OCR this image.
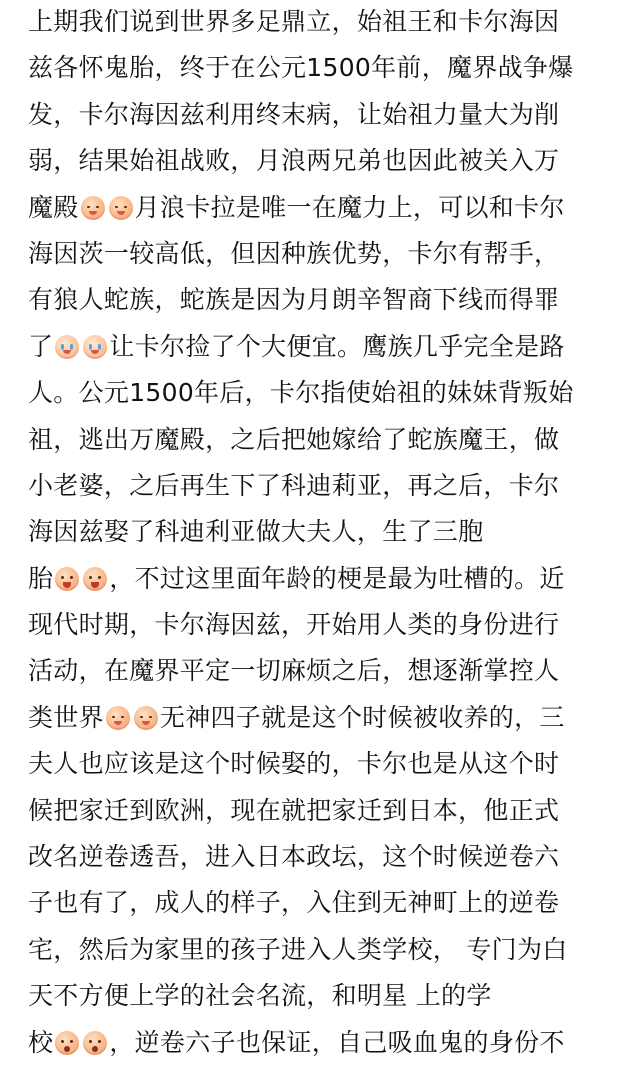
上期我们说到世界多足鼎立，始祖王和卡尔海因
兹各怀鬼胎，终于在公元1500年前，魔界战争爆
发，卡尔海因兹利用终末病，让始祖力量大为削
弱，结果始祖战败，月浪两兄弟也因此被关入万
魔殿 月浪卡拉是唯一在魔力上，可以和卡尔
海因茨一较高低，但因种族优势，卡尔有帮手，
有狼人蛇族，蛇族是因为月朗辛智商下线而得罪
了 让卡尔捡了个大便宜。鹰族几乎完全是路
人。公元1500年后，卡尔指使始祖的妹妹背叛始
祖，逃出万魔殿，之后把她嫁给了蛇族魔王，做
小老婆，之后再生下了科迪莉亚，再之后，卡尔
海因兹娶了科迪利亚做大夫人，生了三胞
胎 ，不过这里面年龄的梗是最为吐槽的。近
现代时期，卡尔海因兹，开始用人类的身份进行
活动，在魔界平定一切麻烦之后，想逐渐掌控人
类世界 无神四子就是这个时候被收养的，三
夫人也应该是这个时候娶的，卡尔也是从这个时
候把家迁到欧洲，现在就把家迁到日本，他正式
改名逆卷透吾，进入日本政坛，这个时候逆卷六
子也有了，成人的样子，入住到无神町上的逆卷
宅，然后为家里的孩子进入人类学校， 专门为白
天不方便上学的社会名流，和明星 上的学
校 ，逆卷六子也保证，自己吸血鬼的身份不
